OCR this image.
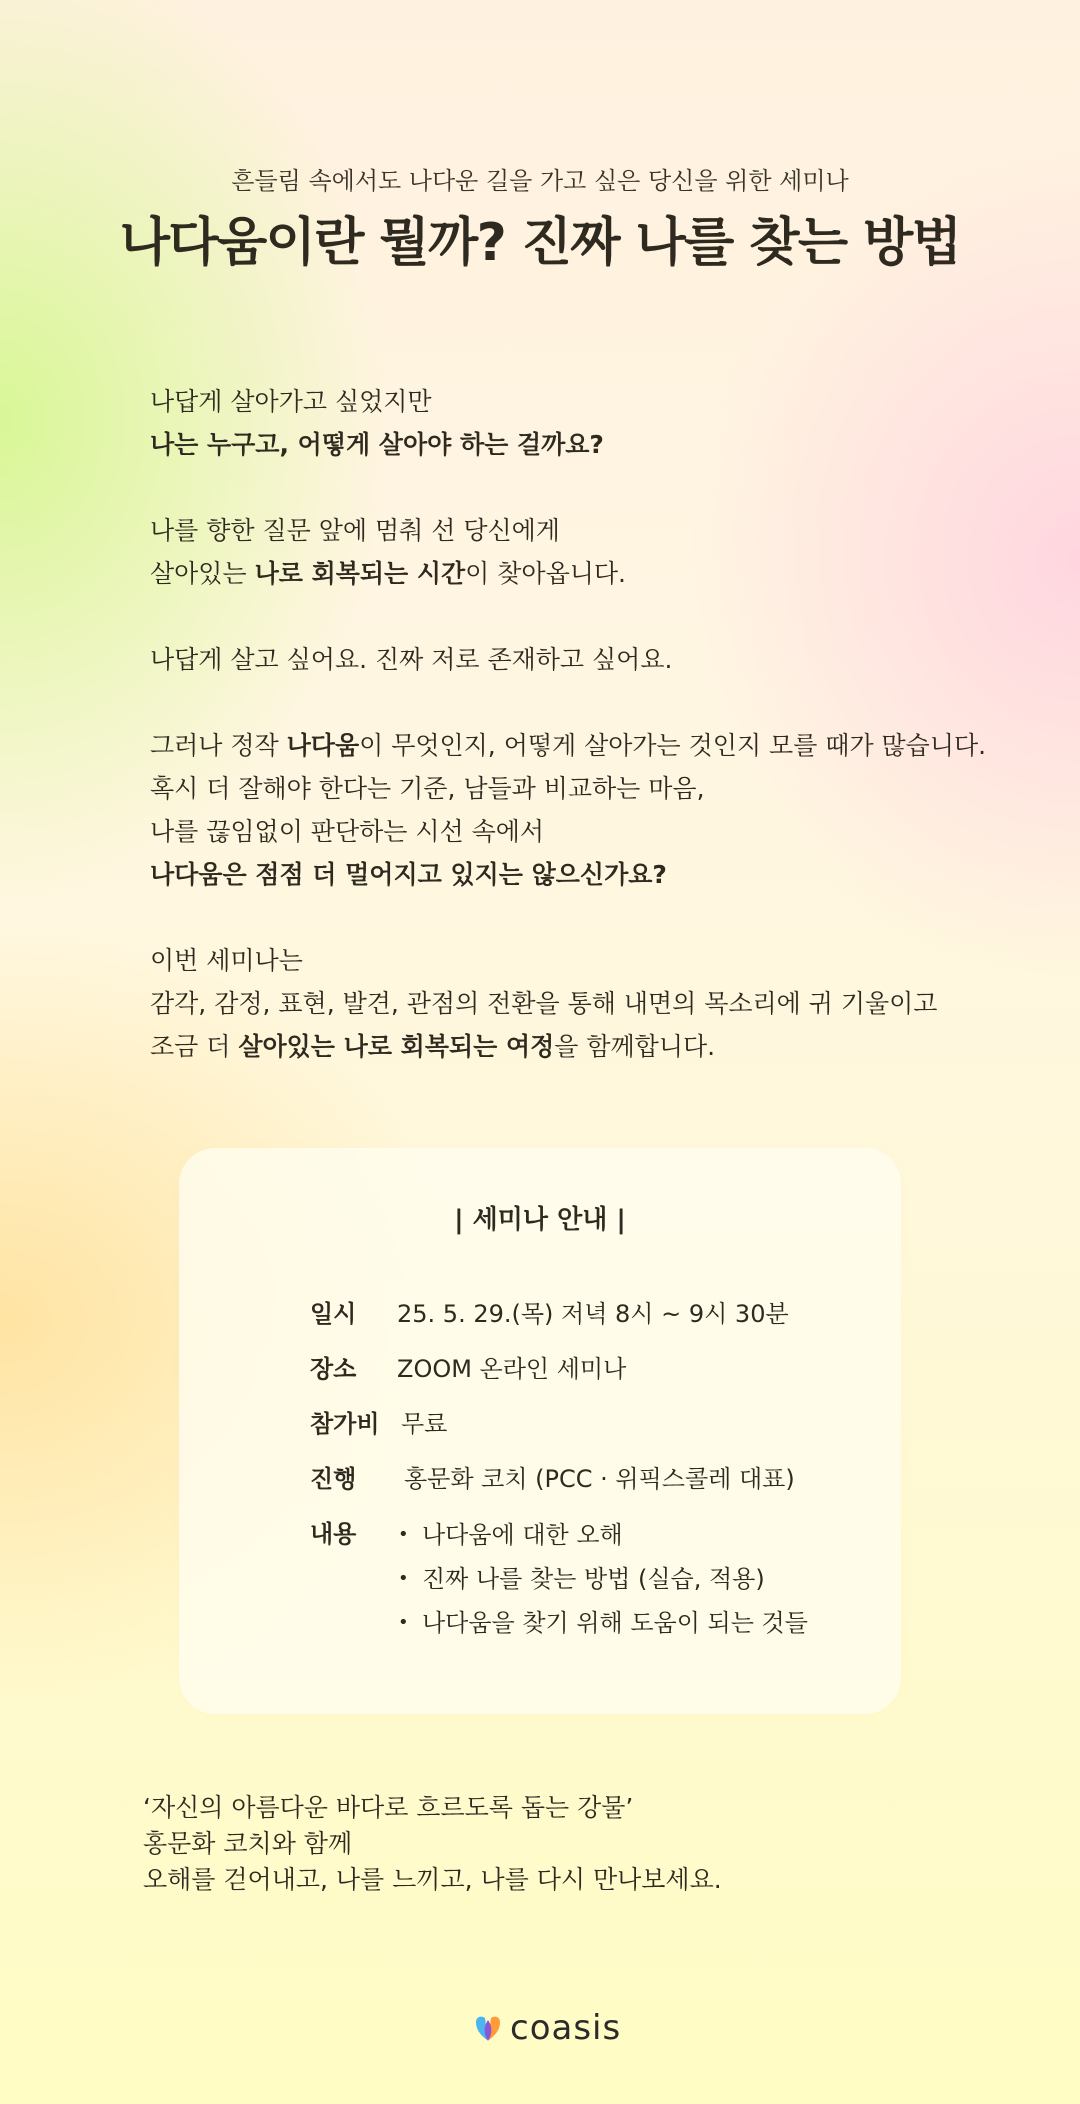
흔들림 속에서도 나다운 길을 가고 싶은 당신을 위한 세미나
나다움이란 뭘까? 진짜 나를 찾는 방법
나답게 살아가고 싶었지만
나는 누구고, 어떻게 살아야 하는 걸까요?
나를 향한 질문 앞에 멈춰 선 당신에게
살아있는 나로 회복되는 시간이 찾아옵니다.
나답게 살고 싶어요. 진짜 저로 존재하고 싶어요.
그러나 정작 나다움이 무엇인지, 어떻게 살아가는 것인지 모를 때가 많습니다.
혹시 더 잘해야 한다는 기준, 남들과 비교하는 마음,
나를 끊임없이 판단하는 시선 속에서
나다움은 점점 더 멀어지고 있지는 않으신가요?
이번 세미나는
감각, 감정, 표현, 발견, 관점의 전환을 통해 내면의 목소리에 귀 기울이고
조금 더 살아있는 나로 회복되는 여정을 함께합니다.
| 세미나 안내 |
일시 25. 5. 29.(목) 저녁 8시 ~ 9시 30분
장소 ZOOM 온라인 세미나
참가비 무료
진행 홍문화 코치 (PCC · 위픽스콜레 대표)
내용
•	나다움에 대한 오해
• 진짜 나를 찾는 방법 (실습, 적용)
• 나다움을 찾기 위해 도움이 되는 것들
‘자신의 아름다운 바다로 흐르도록 돕는 강물’
홍문화 코치와 함께
오해를 걷어내고, 나를 느끼고, 나를 다시 만나보세요.
coasis
